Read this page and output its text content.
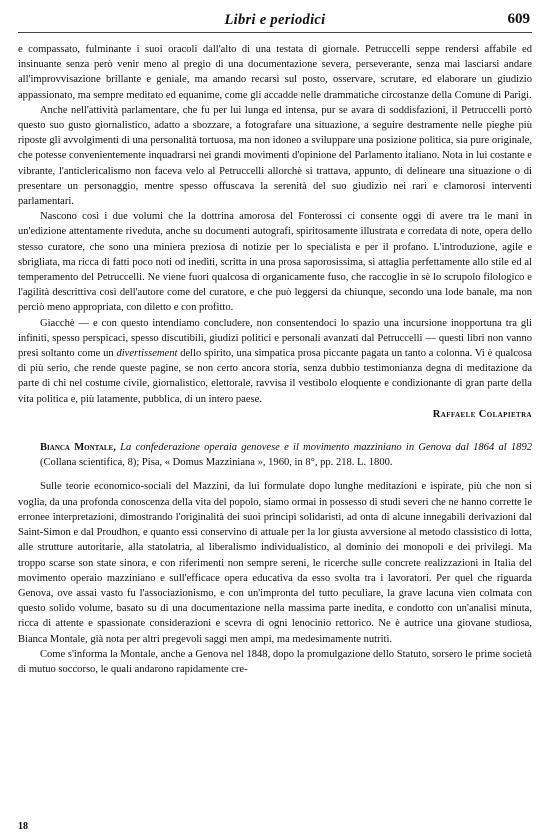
Libri e periodici	609

e compassato, fulminante i suoi oracoli dall'alto di una testata di giornale. Petruccelli seppe rendersi affabile ed insinuante senza però venir meno al pregio di una documentazione severa, perseverante, senza mai lasciarsi andare all'improvvisazione brillante e geniale, ma amando recarsi sul posto, osservare, scrutare, ed elaborare un giudizio appassionato, ma sempre meditato ed equanime, come gli accadde nelle drammatiche circostanze della Comune di Parigi.

Anche nell'attività parlamentare, che fu per lui lunga ed intensa, pur se avara di soddisfazioni, il Petruccelli portò questo suo gusto giornalistico, adatto a sbozzare, a fotografare una situazione, a seguire destramente nelle pieghe più riposte gli avvolgimenti di una personalità tortuosa, ma non idoneo a sviluppare una posizione politica, sia pure originale, che potesse convenientemente inquadrarsi nei grandi movimenti d'opinione del Parlamento italiano. Nota in lui costante e vibrante, l'anticlericalismo non faceva velo al Petruccelli allorchè si trattava, appunto, di delineare una situazione o di presentare un personaggio, mentre spesso offuscava la serenità del suo giudizio nei rari e clamorosi interventi parlamentari.

Nascono così i due volumi che la dottrina amorosa del Fonterossi ci consente oggi di avere tra le mani in un'edizione attentamente riveduta, anche su documenti autografi, spiritosamente illustrata e corredata di note, opera dello stesso curatore, che sono una miniera preziosa di notizie per lo specialista e per il profano. L'introduzione, agile e sbrigliata, ma ricca di fatti poco noti od inediti, scritta in una prosa saporosissima, si attaglia perfettamente allo stile ed al temperamento del Petruccelli. Ne viene fuori qualcosa di organicamente fuso, che raccoglie in sè lo scrupolo filologico e l'agilità descrittiva così dell'autore come del curatore, e che può leggersi da chiunque, secondo una lode banale, ma non perciò meno appropriata, con diletto e con profitto.

Giacchè — e con questo intendiamo concludere, non consentendoci lo spazio una incursione inopportuna tra gli infiniti, spesso perspicaci, spesso discutibili, giudizi politici e personali avanzati dal Petruccelli — questi libri non vanno presi soltanto come un divertissement dello spirito, una simpatica prosa piccante pagata un tanto a colonna. Vi è qualcosa di più serio, che rende queste pagine, se non certo ancora storia, senza dubbio testimonianza degna di meditazione da parte di chi nel costume civile, giornalistico, elettorale, ravvisa il vestibolo eloquente e condizionante di gran parte della vita politica e, più latamente, pubblica, di un intero paese.

Raffaele Colapietra

Bianca Montale, La confederazione operaia genovese e il movimento mazziniano in Genova dal 1864 al 1892 (Collana scientifica, 8); Pisa, « Domus Mazziniana », 1960, in 8°, pp. 218. L. 1800.

Sulle teorie economico-sociali del Mazzini, da lui formulate dopo lunghe meditazioni e ispirate, più che non si voglia, da una profonda conoscenza della vita del popolo, siamo ormai in possesso di studi severi che ne hanno corrette le erronee interpretazioni, dimostrando l'originalità dei suoi principi solidaristi, ad onta di alcune innegabili derivazioni dal Saint-Simon e dal Proudhon, e quanto essi conservino di attuale per la lor giusta avversione al metodo classistico di lotta, alle strutture autoritarie, alla statolatria, al liberalismo individualistico, al dominio dei monopoli e dei privilegi. Ma troppo scarse son state sinora, e con riferimenti non sempre sereni, le ricerche sulle concrete realizzazioni in Italia del movimento operaio mazziniano e sull'efficace opera educativa da esso svolta tra i lavoratori. Per quel che riguarda Genova, ove assai vasto fu l'associazionismo, e con un'impronta del tutto peculiare, la grave lacuna vien colmata con questo solido volume, basato su di una documentazione nella massima parte inedita, e condotto con un'analisi minuta, ricca di attente e spassionate considerazioni e scevra di ogni lenocinio rettorico. Ne è autrice una giovane studiosa, Bianca Montale, già nota per altri pregevoli saggi men ampi, ma medesimamente nutriti.

Come s'informa la Montale, anche a Genova nel 1848, dopo la promulgazione dello Statuto, sorsero le prime società di mutuo soccorso, le quali andarono rapidamente cre-

18
